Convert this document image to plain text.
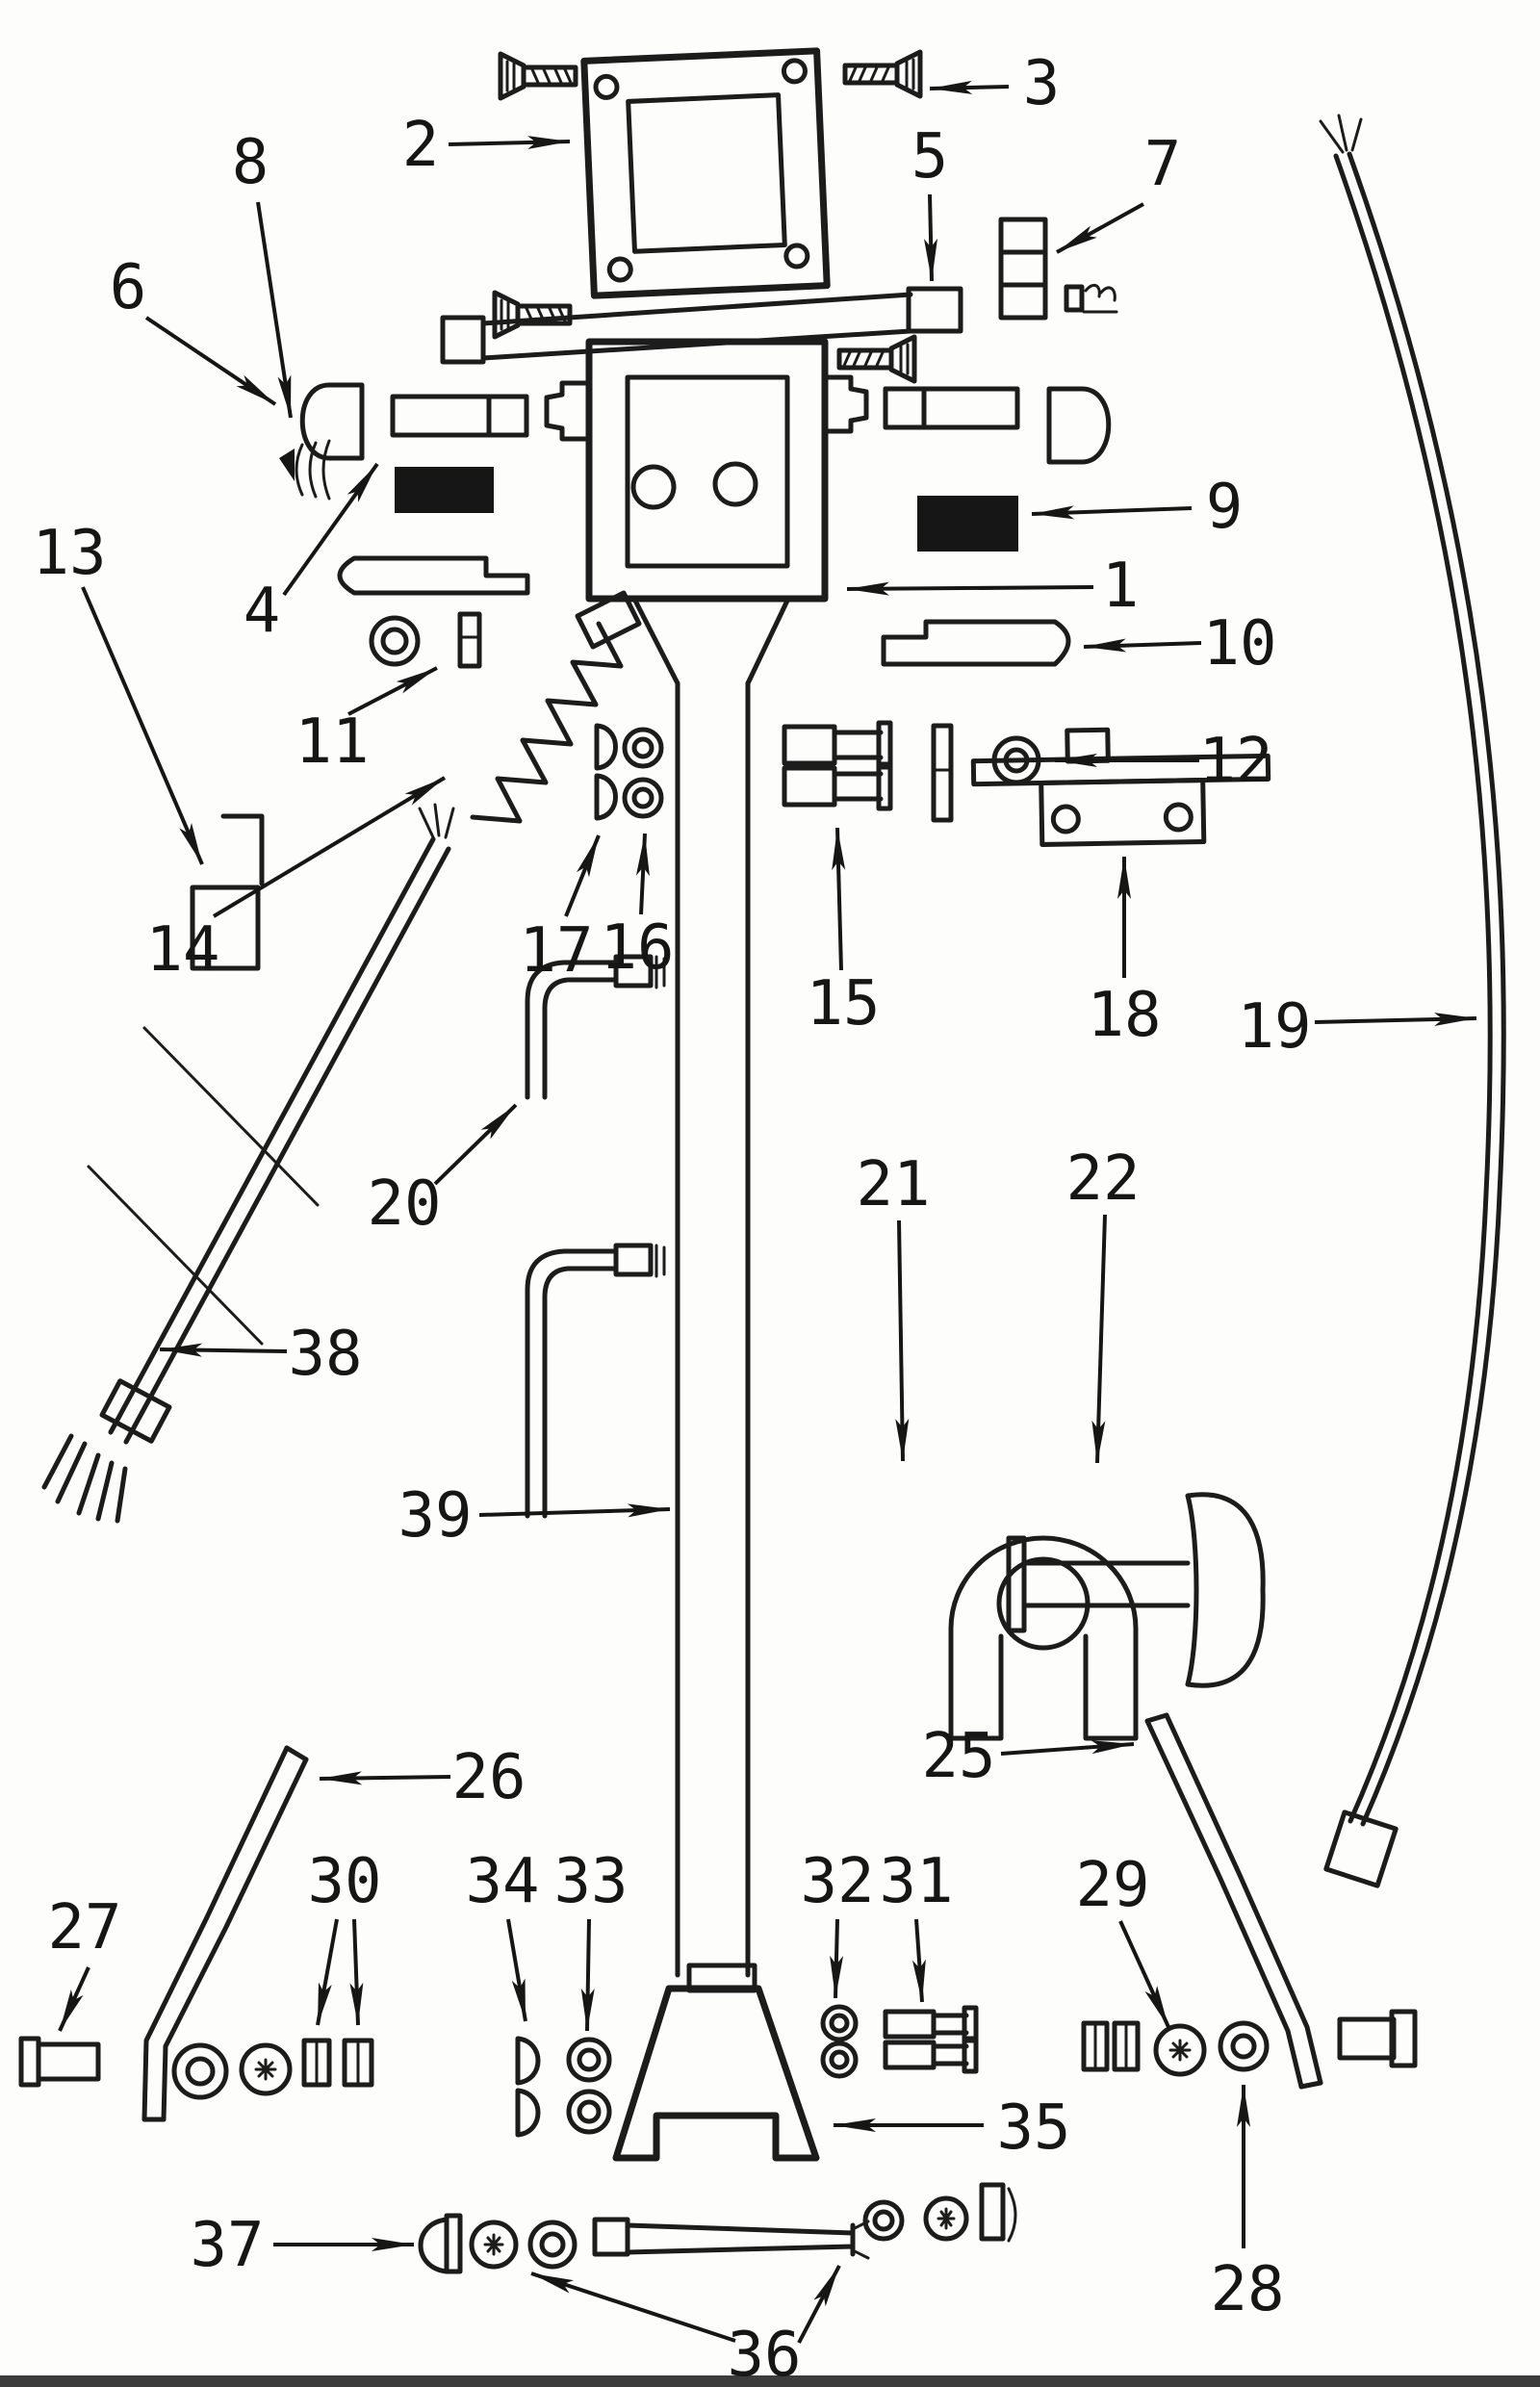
1
2
3
4
5
6
7
8
9
10
11	12
13
14
15
16
17
18 19
20	21 22
25
26
27
28
29
30	31
32
33
34
35
36
37
38
39
